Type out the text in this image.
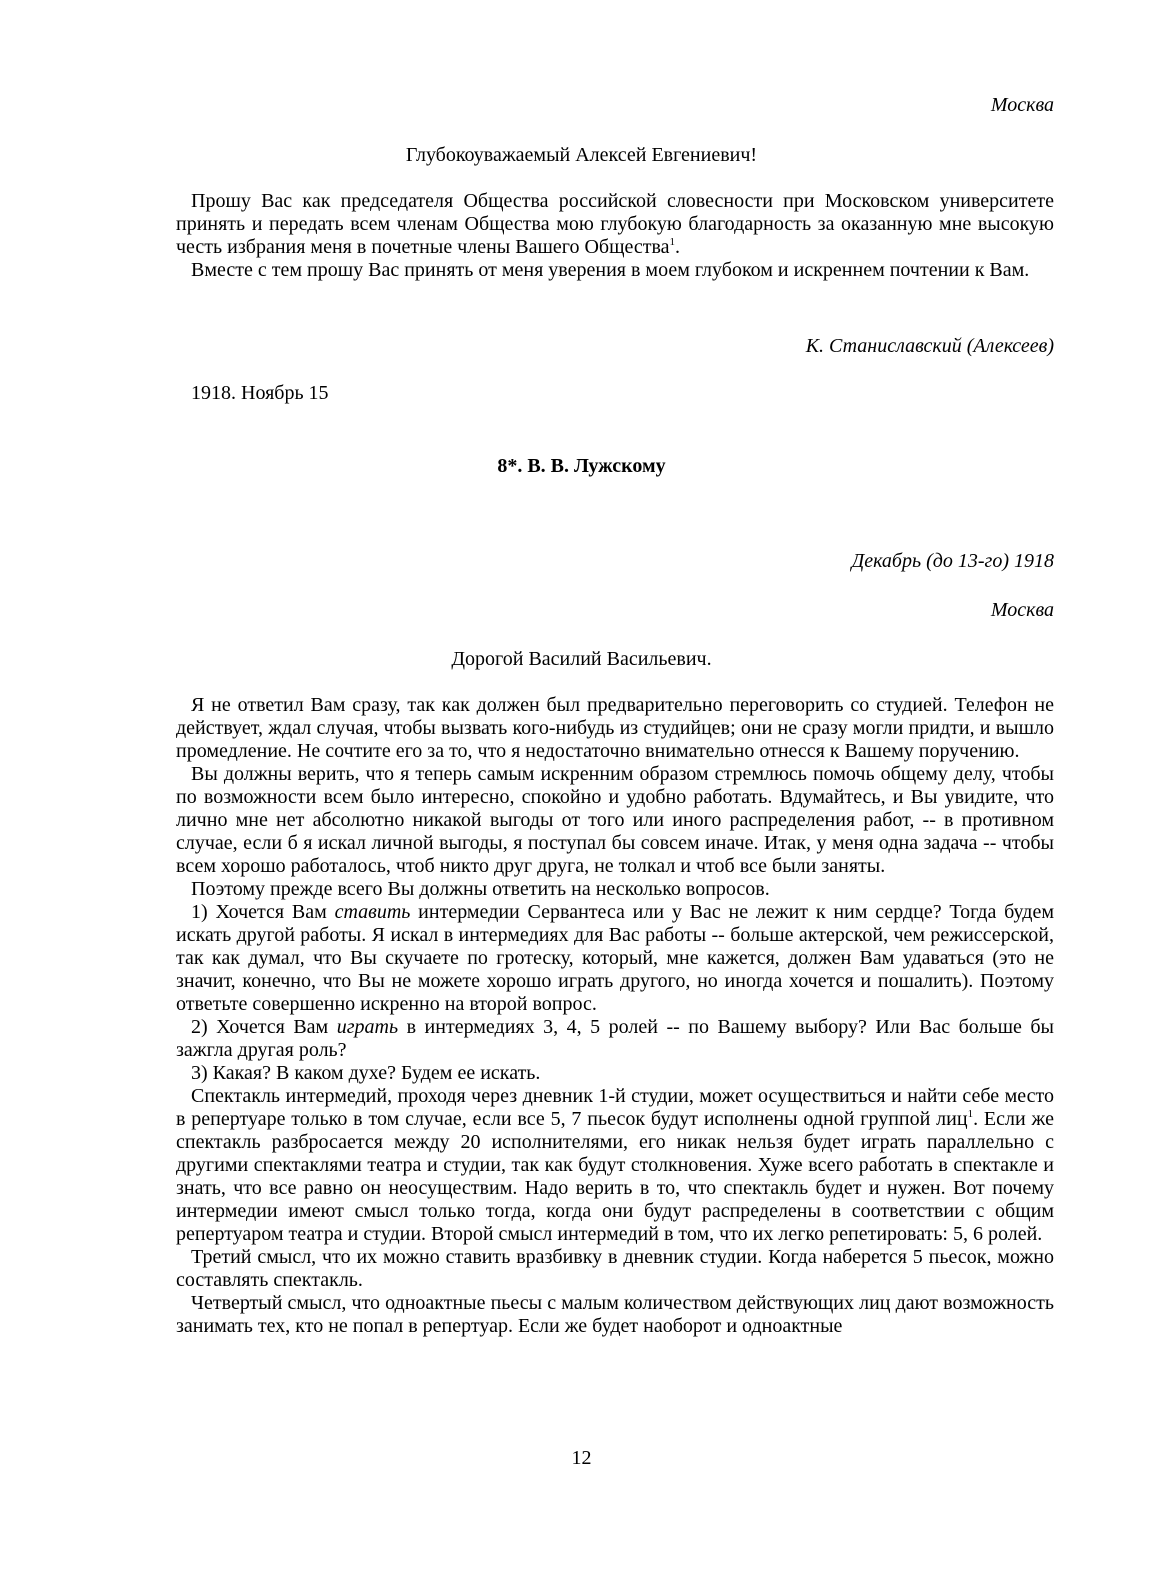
Москва
Глубокоуважаемый Алексей Евгениевич!

Прошу Вас как председателя Общества российской словесности при Московском университете принять и передать всем членам Общества мою глубокую благодарность за оказанную мне высокую честь избрания меня в почетные члены Вашего Общества$^1$.

Вместе с тем прошу Вас принять от меня уверения в моем глубоком и искреннем почтении к Вам.

К. Станиславский (Алексеев)
1918. Ноябрь 15
8*. В. В. Лужскому
Декабрь (до 13-го) 1918
Москва
Дорогой Василий Васильевич.

Я не ответил Вам сразу, так как должен был предварительно переговорить со студией. Телефон не действует, ждал случая, чтобы вызвать кого-нибудь из студийцев; они не сразу могли придти, и вышло промедление. Не сочтите его за то, что я недостаточно внимательно отнесся к Вашему поручению.

Вы должны верить, что я теперь самым искренним образом стремлюсь помочь общему делу, чтобы по возможности всем было интересно, спокойно и удобно работать. Вдумайтесь, и Вы увидите, что лично мне нет абсолютно никакой выгоды от того или иного распределения работ, -- в противном случае, если б я искал личной выгоды, я поступал бы совсем иначе. Итак, у меня одна задача -- чтобы всем хорошо работалось, чтоб никто друг друга, не толкал и чтоб все были заняты.

Поэтому прежде всего Вы должны ответить на несколько вопросов.

1) Хочется Вам ставить интермедии Сервантеса или у Вас не лежит к ним сердце? Тогда будем искать другой работы. Я искал в интермедиях для Вас работы -- больше актерской, чем режиссерской, так как думал, что Вы скучаете по гротеску, который, мне кажется, должен Вам удаваться (это не значит, конечно, что Вы не можете хорошо играть другого, но иногда хочется и пошалить). Поэтому ответьте совершенно искренно на второй вопрос.

2) Хочется Вам играть в интермедиях 3, 4, 5 ролей -- по Вашему выбору? Или Вас больше бы зажгла другая роль?

3) Какая? В каком духе? Будем ее искать.

Спектакль интермедий, проходя через дневник 1-й студии, может осуществиться и найти себе место в репертуаре только в том случае, если все 5, 7 пьесок будут исполнены одной группой лиц$^1$. Если же спектакль разбросается между 20 исполнителями, его никак нельзя будет играть параллельно с другими спектаклями театра и студии, так как будут столкновения. Хуже всего работать в спектакле и знать, что все равно он неосуществим. Надо верить в то, что спектакль будет и нужен. Вот почему интермедии имеют смысл только тогда, когда они будут распределены в соответствии с общим репертуаром театра и студии. Второй смысл интермедий в том, что их легко репетировать: 5, 6 ролей.

Третий смысл, что их можно ставить вразбивку в дневник студии. Когда наберется 5 пьесок, можно составлять спектакль.

Четвертый смысл, что одноактные пьесы с малым количеством действующих лиц дают возможность занимать тех, кто не попал в репертуар. Если же будет наоборот и одноактные

12
